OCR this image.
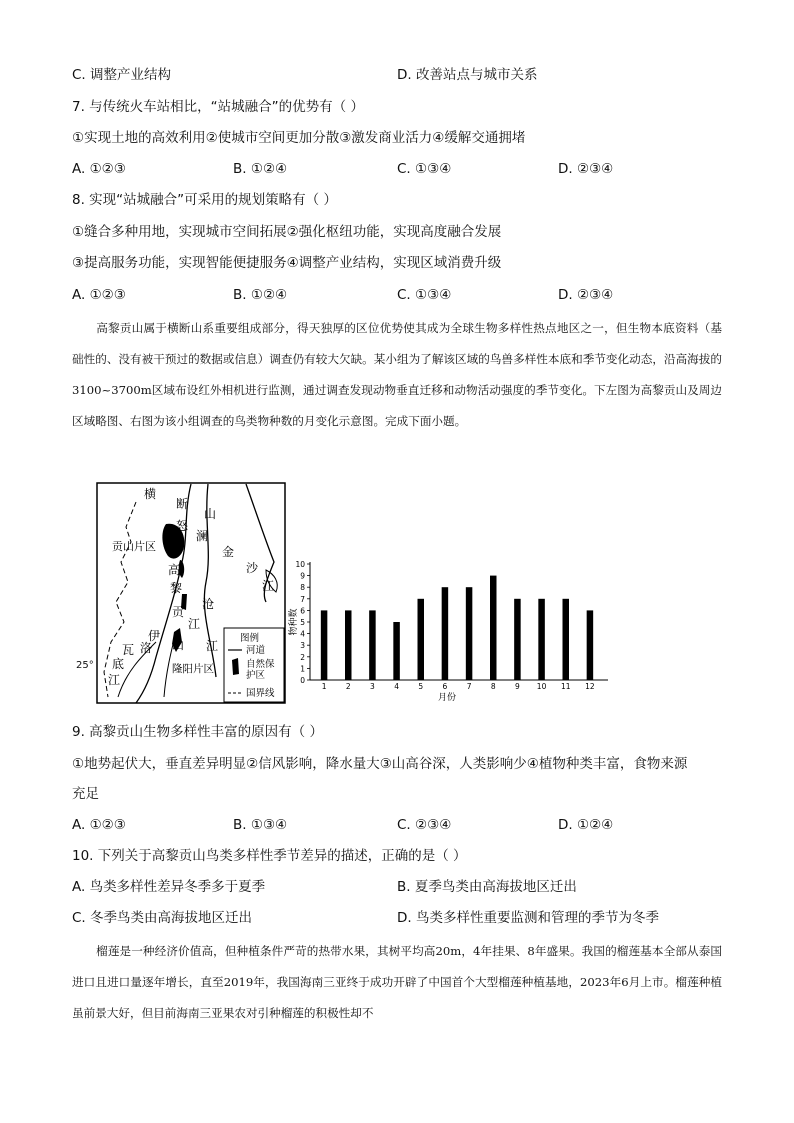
C. 调整产业结构	D. 改善站点与城市关系
7. 与传统火车站相比，“站城融合”的优势有（ ）
①实现土地的高效利用②使城市空间更加分散③激发商业活力④缓解交通拥堵
A. ①②③	B. ①②④	C. ①③④	D. ②③④
8. 实现“站城融合”可采用的规划策略有（ ）
①缝合多种用地，实现城市空间拓展②强化枢纽功能，实现高度融合发展
③提高服务功能，实现智能便捷服务④调整产业结构，实现区域消费升级
A. ①②③	B. ①②④	C. ①③④	D. ②③④
高黎贡山属于横断山系重要组成部分，得天独厚的区位优势使其成为全球生物多样性热点地区之一，但生物本底资料（基础性的、没有被干预过的数据或信息）调查仍有较大欠缺。某小组为了解该区域的鸟兽多样性本底和季节变化动态，沿高海拔的3100~3700m区域布设红外相机进行监测，通过调查发现动物垂直迁移和动物活动强度的季节变化。下左图为高黎贡山及周边区域略图、右图为该小组调查的鸟类物种数的月变化示意图。完成下面小题。
图例
河道
自然保
护区
国界线
横
断
山
怒
澜
金
沙
江
贡山片区
高
黎
沧
贡
江
江
伊
洛 山
瓦
底
江
隆阳片区
25°
0
1
2
3
4
5
6
7
8
9
10
物种数
1	2	3	4	5	6	7	8	9 10 11 12
月份
9. 高黎贡山生物多样性丰富的原因有（ ）
①地势起伏大，垂直差异明显②信风影响，降水量大③山高谷深，人类影响少④植物种类丰富，食物来源
充足
A. ①②③	B. ①③④	C. ②③④	D. ①②④
10. 下列关于高黎贡山鸟类多样性季节差异的描述，正确的是（ ）
A. 鸟类多样性差异冬季多于夏季	B. 夏季鸟类由高海拔地区迁出
C. 冬季鸟类由高海拔地区迁出	D. 鸟类多样性重要监测和管理的季节为冬季
榴莲是一种经济价值高，但种植条件严苛的热带水果，其树平均高20m，4年挂果、8年盛果。我国的榴莲基本全部从泰国进口且进口量逐年增长，直至2019年，我国海南三亚终于成功开辟了中国首个大型榴莲种植基地，2023年6月上市。榴莲种植虽前景大好，但目前海南三亚果农对引种榴莲的积极性却不
